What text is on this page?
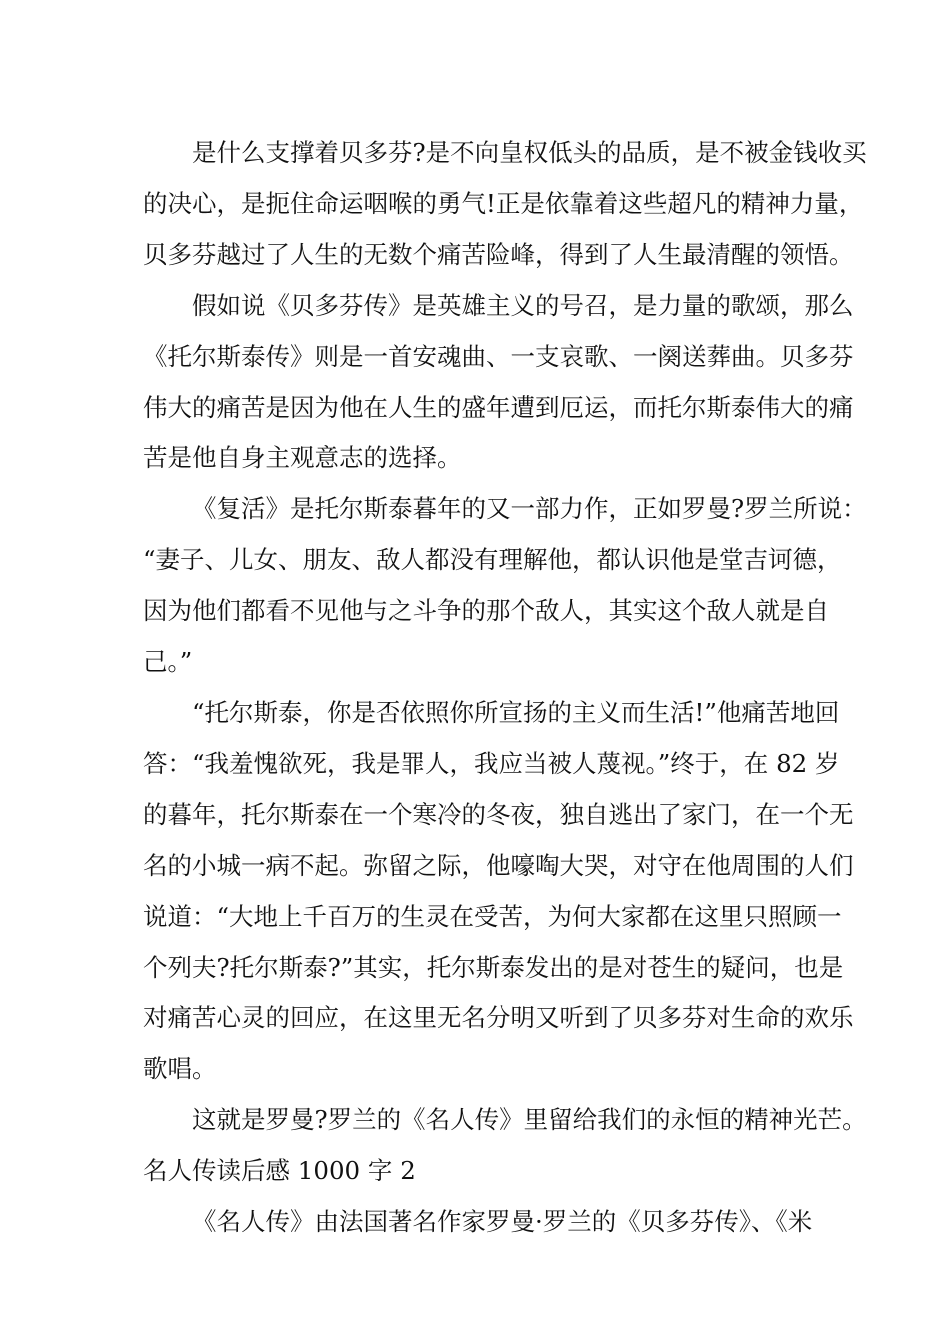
是什么支撑着贝多芬?是不向皇权低头的品质，是不被金钱收买
的决心，是扼住命运咽喉的勇气!正是依靠着这些超凡的精神力量，
贝多芬越过了人生的无数个痛苦险峰，得到了人生最清醒的领悟。
假如说《贝多芬传》是英雄主义的号召，是力量的歌颂，那么
《托尔斯泰传》则是一首安魂曲、一支哀歌、一阕送葬曲。贝多芬
伟大的痛苦是因为他在人生的盛年遭到厄运，而托尔斯泰伟大的痛
苦是他自身主观意志的选择。
《复活》是托尔斯泰暮年的又一部力作，正如罗曼?罗兰所说：
“妻子、儿女、朋友、敌人都没有理解他，都认识他是堂吉诃德，
因为他们都看不见他与之斗争的那个敌人，其实这个敌人就是自
己。”
“托尔斯泰，你是否依照你所宣扬的主义而生活!”他痛苦地回
答：“我羞愧欲死，我是罪人，我应当被人蔑视。”终于，在 82 岁
的暮年，托尔斯泰在一个寒冷的冬夜，独自逃出了家门，在一个无
名的小城一病不起。弥留之际，他嚎啕大哭，对守在他周围的人们
说道：“大地上千百万的生灵在受苦，为何大家都在这里只照顾一
个列夫?托尔斯泰?”其实，托尔斯泰发出的是对苍生的疑问，也是
对痛苦心灵的回应，在这里无名分明又听到了贝多芬对生命的欢乐
歌唱。
这就是罗曼?罗兰的《名人传》里留给我们的永恒的精神光芒。
名人传读后感 1000 字 2
《名人传》由法国著名作家罗曼·罗兰的《贝多芬传》、《米
